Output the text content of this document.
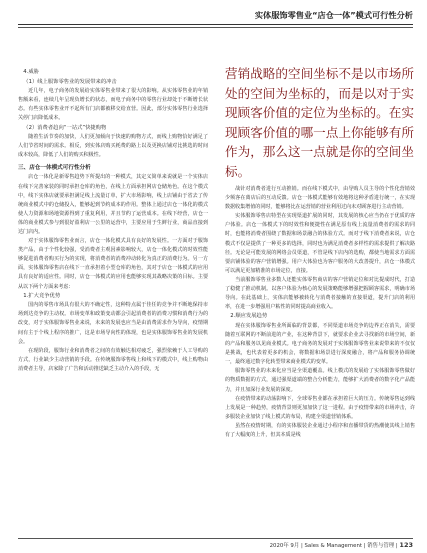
实体服饰零售业“店仓一体”模式可行性分析
4.威胁
（1）线上服饰零售业的发展带来的冲击
近几年，电子商务的发展给实体零售业带来了很大的影响。从实体零售业的年销售额来看，连续几年呈现负增长的状态，而电子商务中的零售行业却处于不断增长状态。有些实体零售业开不起所有门店都被移交给直营。因此，部分实体零售行业选择关停门店降低成本。
（2）消费者趋向“一站式”快捷购物
随着生活节奏的加快，人们更加倾向于快速的购物方式，而线上购物恰好满足了人们节省时间的需求。相反，到实体店购买耗费的路上以及更换店铺对比挑选的时间成本较高，降低了人们的购买积极性。
三、店仓一体模式可行性分析
店仓一体化是新零售趋势下所提出的一种模式，其定义简单来说就是一个实体店在线下完善家装的同时承担仓库的角色，在线上方面承担网店仓储角色。在这个模式中，线下实体店就要承担满足线上流量订单，扩大市场影响，线上店铺由于省去了传统商业模式中的仓储投入，能够起到节约成本的作用。整体上通过店仓一体化的模式使人力资源和场地资源得到了重复利用，并且节约了运营成本。在线下经营，店仓一体的商业模式参与到很好盈利店一公里的运营中，主要应用于生鲜行业，商品直接到达门店内。
对于实体服饰零售业而言，店仓一体化模式具有良好的发展性。一方面对于服饰类产品，由于个性化较强，受消费者主观因素影响较大，店仓一体化模式的时效性能够促进消费者购买行为的实现，将消费者的消费冲动转化为真正的消费行为。另一方面，实体服饰零售店在线下一直承担着小型仓库的角色，其对于店仓一体模式的应用具有良好的适应性。同时，店仓一体模式的应用也能够实现其战略决策的目标。主要从以下两个方面来考虑：
1.扩大竞争优势
国内的零售市场具有很大的不确定性，这种特点属于佳任的竞争并不断地保持市场到达竞争的主动权。市场变革和政策变动都会引起消费者的消费习惯和消费行为的改变，对于实体服饰零售业来说，未来的发展也应当是由消费需求作为导向，疫情期间有主于个线上程序的推广，这是市场导向性的体现，也是实体服饰零售业的发展机会。
在现阶段，服饰行业和消费者之间的有效触达相对疲乏，强烈依赖于人工导购的方式，行业缺少主动营销的手段。在传统服饰零售线上和线下的模式中，线上购物由消费者主导，店家除了广告和活动推送缺乏主动介入的手段，无
营销战略的空间坐标不是以市场所处的空间为坐标的，而是以对于实现顾客价值的定位为坐标的。在实现顾客价值的哪一点上你能够有所作为，那么这一点就是你的空间坐标。
战针对消费者进行互动推销。而在线下模式中，由导购人员主导的个性化营销效少频客在离店后的互动反馈。店仓一体模式能够有效地将这种矛盾进行统一，在实现数据收集增值的同时，能够将比在运营销的营业利用过向未对顾客进行主动营销。
实体服饰零售店特型在实现渠道扩展的同时，其发展的核心应当仍在于优质的客户体验。店仓一体模式下的时效性和便捷性在满足原有线上流量消费者的需求的同时，也能将消费者围绕了数据和场景融合的体验方式。而对于线下消费者来说，店仓模式不仅是提供了一种更多的选择，同时也为满足消费者多样性的需求提供了解决路径。无论是可能发展的网络会员渠道，不管是线下店内的选购，都使当地需求方面需要店铺体验的客户营销增强。用户大体验也为客户服务的大改善提升，店仓一体模式可以满足更加精准的市场定位，直接。
当前服饰零售业多数人还能实体零售商店的客户营销定位和对比提成时代，打造了稳健了推动机制。以客户体验为核心的发展策略能够增强把握顾客需求，明确市场导向。在此基础上，实体店能够被转化与消费者接触的直接渠道，提升门店的利用率，在进一步增强用户粘性的同时提高商业收入。
2.顺应发展趋势
现在实体服饰零售业所面临的背景都，不同渠道市场竞争的边界正在消失，需要随着互联网的不断前进的产业，在这种背景下，就要求企业去寻找新的市场空间，新的产品和服务以见商业模式。电子商务的发展对于实体服饰零售业来说带来的不仅仅是挑战，也代表着更多的机会，将数据和场景进行深度融合，将产品和服务协调统一，最终通过数字化转型带来商业模式的变革。
服饰零售业的未来化应当是全渠道覆盖。线上模式的发展给了实体服饰零售做好的物质数据的方式，通过强渠道端的整合分析能力，能够扩大消费者的数字化产品能力，并且加深行业发展的深度。
在疫情带来的动荡影响下，全球零售业都在承担着巨大的压力。传统零售运到线上发展是一种趋势，疫情背景则更加加快了这一进程。由于疫情带来的市场冲击，许多服装企业加快了线上模式的布局，构建全渠道营销体系。
虽然在疫情时期，有的实体服装企业通过小程序和直播带货的热潮使其线上销售有了大幅度的上升，但其本质是线
2020年 9月 | Sales & Management | 销售与管理 | 123
